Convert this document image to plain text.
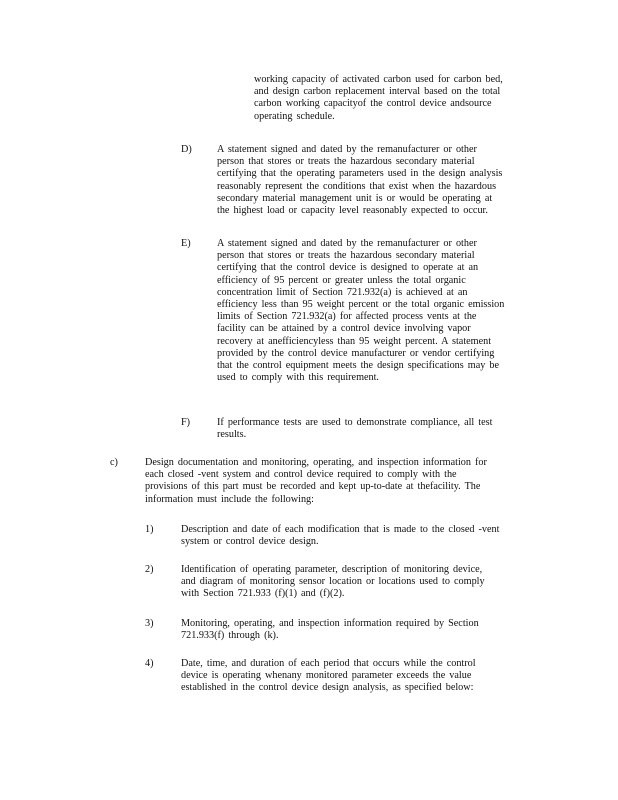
working capacity of activated carbon used for carbon bed,
and design carbon replacement interval based on the total
carbon working capacityof the control device andsource
operating schedule.
D) A statement signed and dated by the remanufacturer or other
person that stores or treats the hazardous secondary material
certifying that the operating parameters used in the design analysis
reasonably represent the conditions that exist when the hazardous
secondary material management unit is or would be operating at
the highest load or capacity level reasonably expected to occur.
E)	A statement signed and dated by the remanufacturer or other
person that stores or treats the hazardous secondary material
certifying that the control device is designed to operate at an
efficiency of 95 percent or greater unless the total organic
concentration limit of Section 721.932(a) is achieved at an
efficiency less than 95 weight percent or the total organic emission
limits of Section 721.932(a) for affected process vents at the
facility can be attained by a control device involving vapor
recovery at anefficiencyless than 95 weight percent. A statement
provided by the control device manufacturer or vendor certifying
that the control equipment meets the design specifications may be
used to comply with this requirement.
F)	If performance tests are used to demonstrate compliance, all test
results.
c)	Design documentation and monitoring, operating, and inspection information for
each closed -vent system and control device required to comply with the
provisions of this part must be recorded and kept up-to-date at thefacility. The
information must include the following:
1)	Description and date of each modification that is made to the closed -vent
system or control device design.
2)	Identification of operating parameter, description of monitoring device,
and diagram of monitoring sensor location or locations used to comply
with Section 721.933 (f)(1) and (f)(2).
3)	Monitoring, operating, and inspection information required by Section
721.933(f) through (k).
4)	Date, time, and duration of each period that occurs while the control
device is operating whenany monitored parameter exceeds the value
established in the control device design analysis, as specified below:
